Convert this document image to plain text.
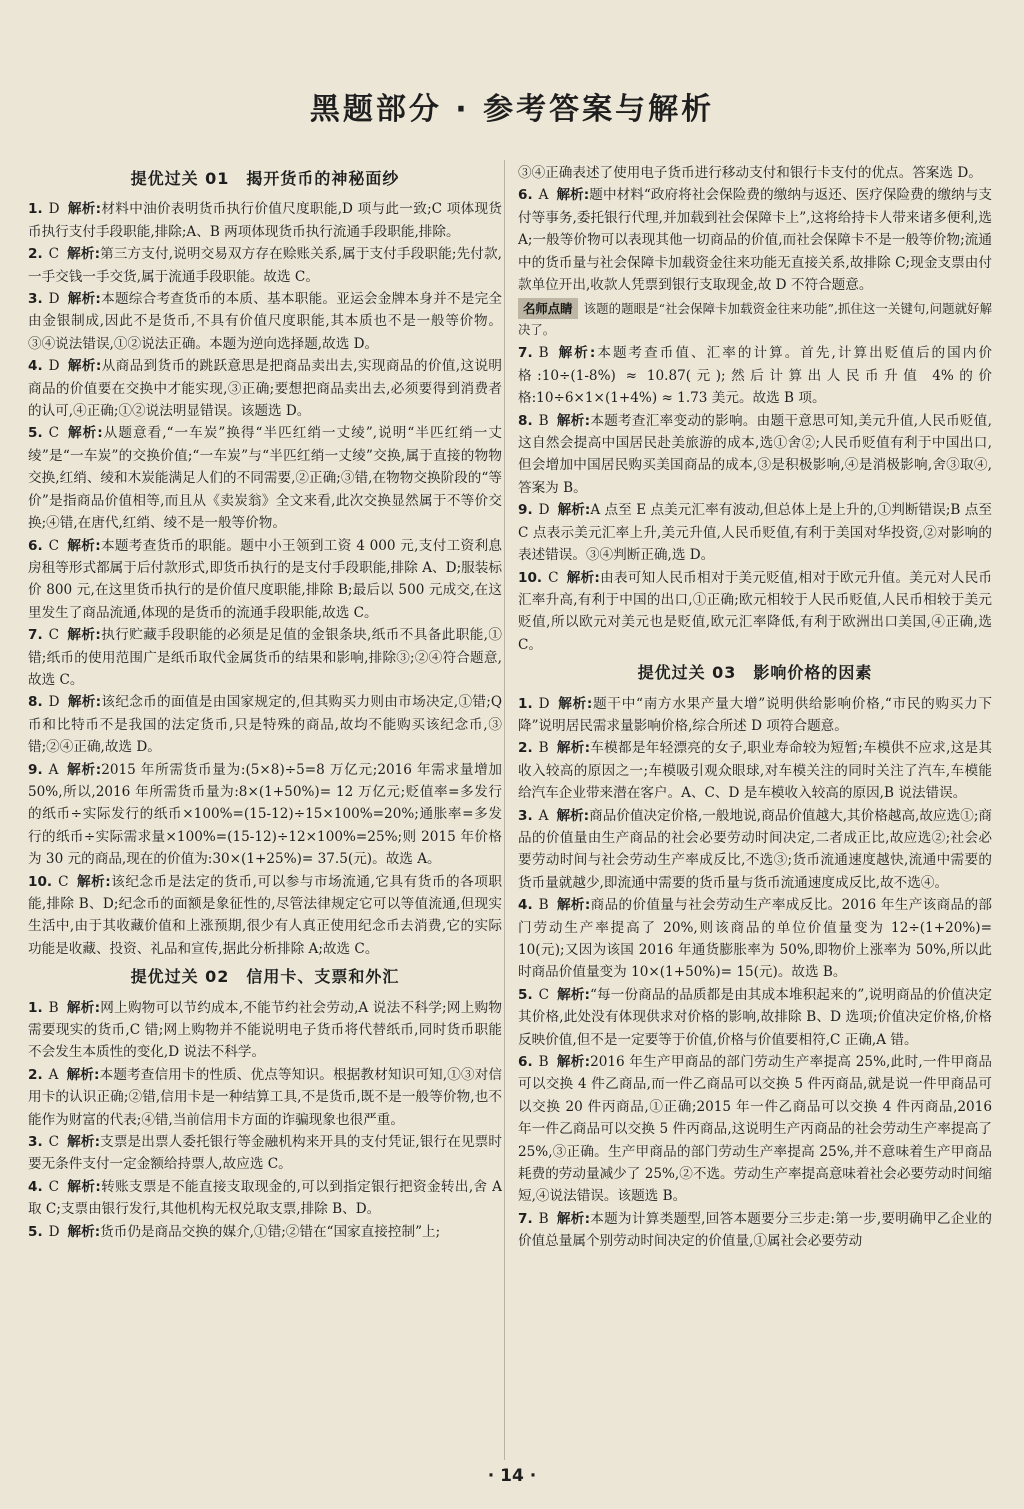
黑题部分 · 参考答案与解析
提优过关 01　揭开货币的神秘面纱
1. D 解析:材料中油价表明货币执行价值尺度职能,D 项与此一致;C 项体现货币执行支付手段职能,排除;A、B 两项体现货币执行流通手段职能,排除。
2. C 解析:第三方支付,说明交易双方存在赊账关系,属于支付手段职能;先付款,一手交钱一手交货,属于流通手段职能。故选 C。
3. D 解析:本题综合考查货币的本质、基本职能。亚运会金牌本身并不是完全由金银制成,因此不是货币,不具有价值尺度职能,其本质也不是一般等价物。③④说法错误,①②说法正确。本题为逆向选择题,故选 D。
4. D 解析:从商品到货币的跳跃意思是把商品卖出去,实现商品的价值,这说明商品的价值要在交换中才能实现,③正确;要想把商品卖出去,必须要得到消费者的认可,④正确;①②说法明显错误。该题选 D。
5. C 解析:从题意看,“一车炭”换得“半匹红绡一丈绫”,说明“半匹红绡一丈绫”是“一车炭”的交换价值;“一车炭”与“半匹红绡一丈绫”交换,属于直接的物物交换,红绡、绫和木炭能满足人们的不同需要,②正确;③错,在物物交换阶段的“等价”是指商品价值相等,而且从《卖炭翁》全文来看,此次交换显然属于不等价交换;④错,在唐代,红绡、绫不是一般等价物。
6. C 解析:本题考查货币的职能。题中小王领到工资 4 000 元,支付工资利息房租等形式都属于后付款形式,即货币执行的是支付手段职能,排除 A、D;服装标价 800 元,在这里货币执行的是价值尺度职能,排除 B;最后以 500 元成交,在这里发生了商品流通,体现的是货币的流通手段职能,故选 C。
7. C 解析:执行贮藏手段职能的必须是足值的金银条块,纸币不具备此职能,①错;纸币的使用范围广是纸币取代金属货币的结果和影响,排除③;②④符合题意,故选 C。
8. D 解析:该纪念币的面值是由国家规定的,但其购买力则由市场决定,①错;Q 币和比特币不是我国的法定货币,只是特殊的商品,故均不能购买该纪念币,③错;②④正确,故选 D。
9. A 解析:2015 年所需货币量为:(5×8)÷5=8 万亿元;2016 年需求量增加 50%,所以,2016 年所需货币量为:8×(1+50%)= 12 万亿元;贬值率=多发行的纸币÷实际发行的纸币×100%=(15-12)÷15×100%=20%;通胀率=多发行的纸币÷实际需求量×100%=(15-12)÷12×100%=25%;则 2015 年价格为 30 元的商品,现在的价值为:30×(1+25%)= 37.5(元)。故选 A。
10. C 解析:该纪念币是法定的货币,可以参与市场流通,它具有货币的各项职能,排除 B、D;纪念币的面额是象征性的,尽管法律规定它可以等值流通,但现实生活中,由于其收藏价值和上涨预期,很少有人真正使用纪念币去消费,它的实际功能是收藏、投资、礼品和宣传,据此分析排除 A;故选 C。
提优过关 02　信用卡、支票和外汇
1. B 解析:网上购物可以节约成本,不能节约社会劳动,A 说法不科学;网上购物需要现实的货币,C 错;网上购物并不能说明电子货币将代替纸币,同时货币职能不会发生本质性的变化,D 说法不科学。
2. A 解析:本题考查信用卡的性质、优点等知识。根据教材知识可知,①③对信用卡的认识正确;②错,信用卡是一种结算工具,不是货币,既不是一般等价物,也不能作为财富的代表;④错,当前信用卡方面的诈骗现象也很严重。
3. C 解析:支票是出票人委托银行等金融机构来开具的支付凭证,银行在见票时要无条件支付一定金额给持票人,故应选 C。
4. C 解析:转账支票是不能直接支取现金的,可以到指定银行把资金转出,舍 A 取 C;支票由银行发行,其他机构无权兑取支票,排除 B、D。
5. D 解析:货币仍是商品交换的媒介,①错;②错在“国家直接控制”上;
③④正确表述了使用电子货币进行移动支付和银行卡支付的优点。答案选 D。
6. A 解析:题中材料“政府将社会保险费的缴纳与返还、医疗保险费的缴纳与支付等事务,委托银行代理,并加载到社会保障卡上”,这将给持卡人带来诸多便利,选 A;一般等价物可以表现其他一切商品的价值,而社会保障卡不是一般等价物;流通中的货币量与社会保障卡加载资金往来功能无直接关系,故排除 C;现金支票由付款单位开出,收款人凭票到银行支取现金,故 D 不符合题意。
名师点睛 该题的题眼是“社会保障卡加载资金往来功能”,抓住这一关键句,问题就好解决了。
7. B 解析:本题考查币值、汇率的计算。首先,计算出贬值后的国内价格:10÷(1-8%) ≈ 10.87(元);然后计算出人民币升值 4%的价格:10÷6×1×(1+4%) ≈ 1.73 美元。故选 B 项。
8. B 解析:本题考查汇率变动的影响。由题干意思可知,美元升值,人民币贬值,这自然会提高中国居民赴美旅游的成本,选①舍②;人民币贬值有利于中国出口,但会增加中国居民购买美国商品的成本,③是积极影响,④是消极影响,舍③取④,答案为 B。
9. D 解析:A 点至 E 点美元汇率有波动,但总体上是上升的,①判断错误;B 点至 C 点表示美元汇率上升,美元升值,人民币贬值,有利于美国对华投资,②对影响的表述错误。③④判断正确,选 D。
10. C 解析:由表可知人民币相对于美元贬值,相对于欧元升值。美元对人民币汇率升高,有利于中国的出口,①正确;欧元相较于人民币贬值,人民币相较于美元贬值,所以欧元对美元也是贬值,欧元汇率降低,有利于欧洲出口美国,④正确,选 C。
提优过关 03　影响价格的因素
1. D 解析:题干中“南方水果产量大增”说明供给影响价格,“市民的购买力下降”说明居民需求量影响价格,综合所述 D 项符合题意。
2. B 解析:车模都是年轻漂亮的女子,职业寿命较为短暂;车模供不应求,这是其收入较高的原因之一;车模吸引观众眼球,对车模关注的同时关注了汽车,车模能给汽车企业带来潜在客户。A、C、D 是车模收入较高的原因,B 说法错误。
3. A 解析:商品价值决定价格,一般地说,商品价值越大,其价格越高,故应选①;商品的价值量由生产商品的社会必要劳动时间决定,二者成正比,故应选②;社会必要劳动时间与社会劳动生产率成反比,不选③;货币流通速度越快,流通中需要的货币量就越少,即流通中需要的货币量与货币流通速度成反比,故不选④。
4. B 解析:商品的价值量与社会劳动生产率成反比。2016 年生产该商品的部门劳动生产率提高了 20%,则该商品的单位价值量变为 12÷(1+20%)= 10(元);又因为该国 2016 年通货膨胀率为 50%,即物价上涨率为 50%,所以此时商品价值量变为 10×(1+50%)= 15(元)。故选 B。
5. C 解析:“每一份商品的品质都是由其成本堆积起来的”,说明商品的价值决定其价格,此处没有体现供求对价格的影响,故排除 B、D 选项;价值决定价格,价格反映价值,但不是一定要等于价值,价格与价值要相符,C 正确,A 错。
6. B 解析:2016 年生产甲商品的部门劳动生产率提高 25%,此时,一件甲商品可以交换 4 件乙商品,而一件乙商品可以交换 5 件丙商品,就是说一件甲商品可以交换 20 件丙商品,①正确;2015 年一件乙商品可以交换 4 件丙商品,2016 年一件乙商品可以交换 5 件丙商品,这说明生产丙商品的社会劳动生产率提高了 25%,③正确。生产甲商品的部门劳动生产率提高 25%,并不意味着生产甲商品耗费的劳动量减少了 25%,②不选。劳动生产率提高意味着社会必要劳动时间缩短,④说法错误。该题选 B。
7. B 解析:本题为计算类题型,回答本题要分三步走:第一步,要明确甲乙企业的价值总量属个别劳动时间决定的价值量,①属社会必要劳动
· 14 ·
